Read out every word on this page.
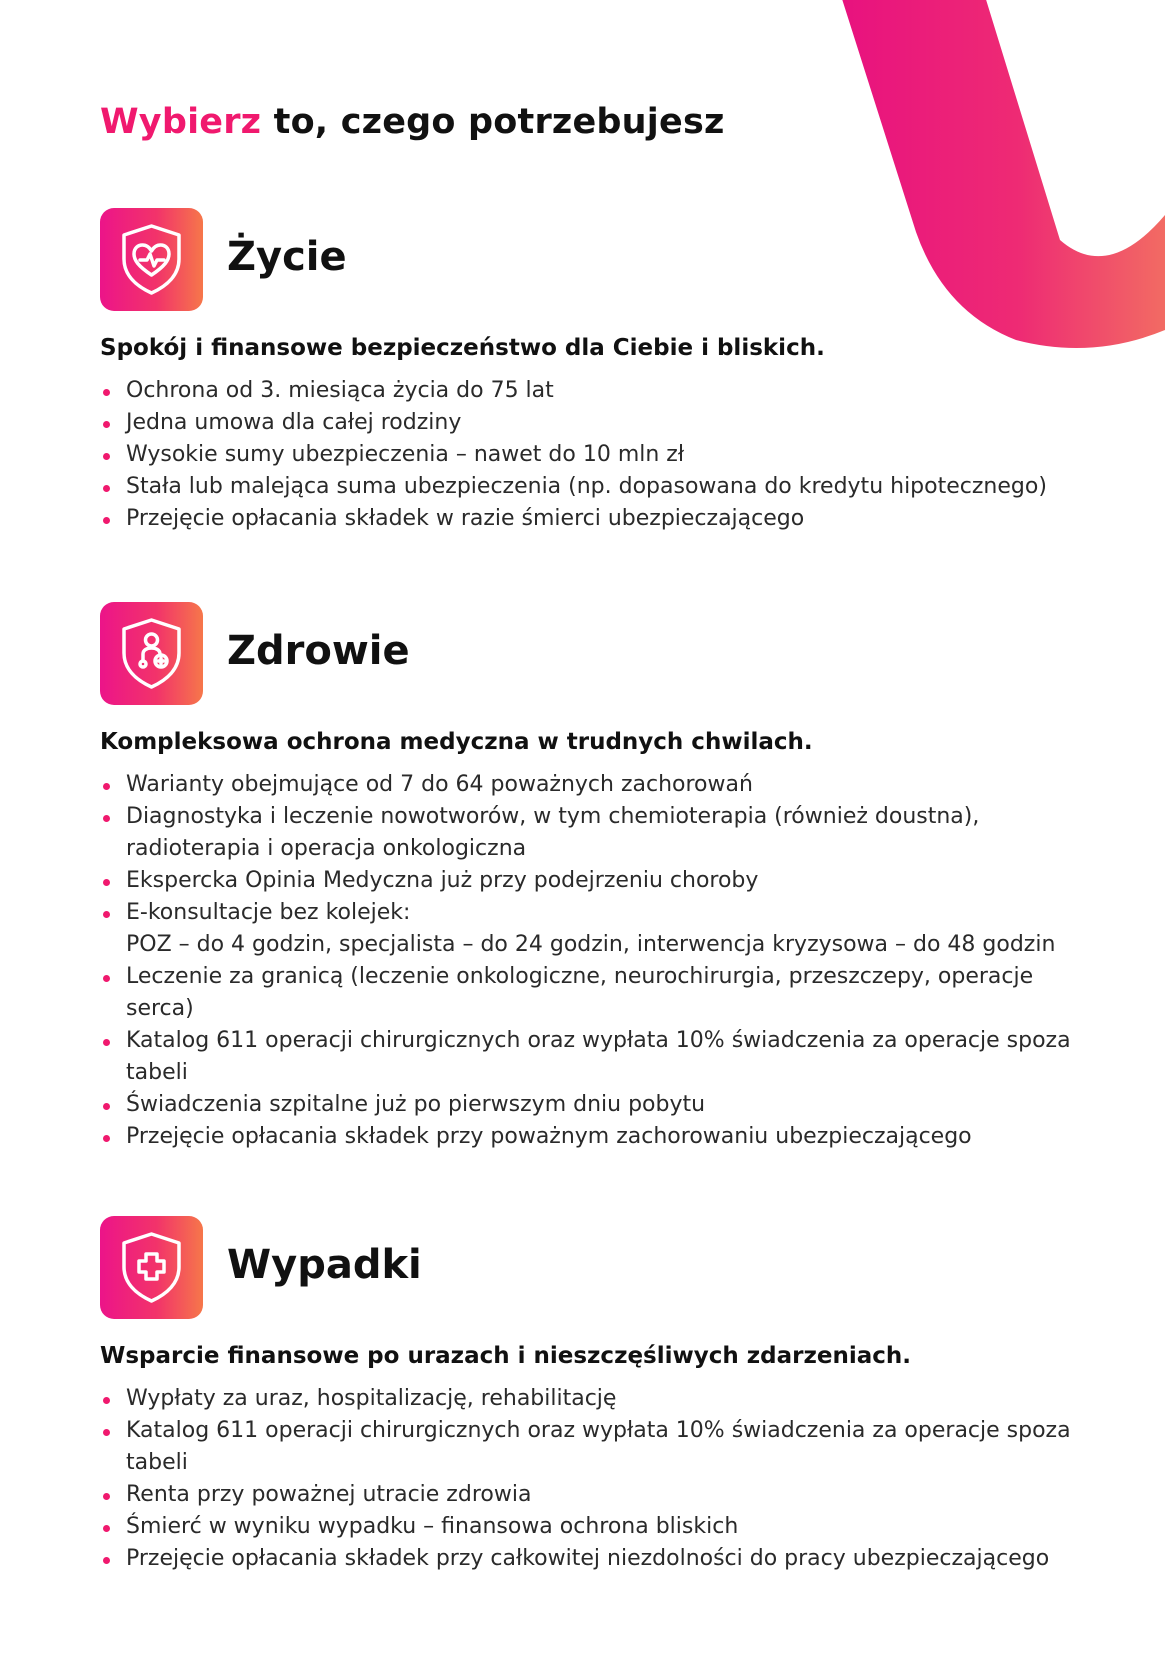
Wybierz to, czego potrzebujesz
Życie

Spokój i finansowe bezpieczeństwo dla Ciebie i bliskich.

Ochrona od 3. miesiąca życia do 75 lat
Jedna umowa dla całej rodziny
Wysokie sumy ubezpieczenia – nawet do 10 mln zł
Stała lub malejąca suma ubezpieczenia (np. dopasowana do kredytu hipotecznego)
Przejęcie opłacania składek w razie śmierci ubezpieczającego
Zdrowie

Kompleksowa ochrona medyczna w trudnych chwilach.

Warianty obejmujące od 7 do 64 poważnych zachorowań
Diagnostyka i leczenie nowotworów, w tym chemioterapia (również doustna), radioterapia i operacja onkologiczna
Ekspercka Opinia Medyczna już przy podejrzeniu choroby
E-konsultacje bez kolejek:
POZ – do 4 godzin, specjalista – do 24 godzin, interwencja kryzysowa – do 48 godzin
Leczenie za granicą (leczenie onkologiczne, neurochirurgia, przeszczepy, operacje serca)
Katalog 611 operacji chirurgicznych oraz wypłata 10% świadczenia za operacje spoza tabeli
Świadczenia szpitalne już po pierwszym dniu pobytu
Przejęcie opłacania składek przy poważnym zachorowaniu ubezpieczającego
Wypadki

Wsparcie finansowe po urazach i nieszczęśliwych zdarzeniach.

Wypłaty za uraz, hospitalizację, rehabilitację
Katalog 611 operacji chirurgicznych oraz wypłata 10% świadczenia za operacje spoza tabeli
Renta przy poważnej utracie zdrowia
Śmierć w wyniku wypadku – finansowa ochrona bliskich
Przejęcie opłacania składek przy całkowitej niezdolności do pracy ubezpieczającego
